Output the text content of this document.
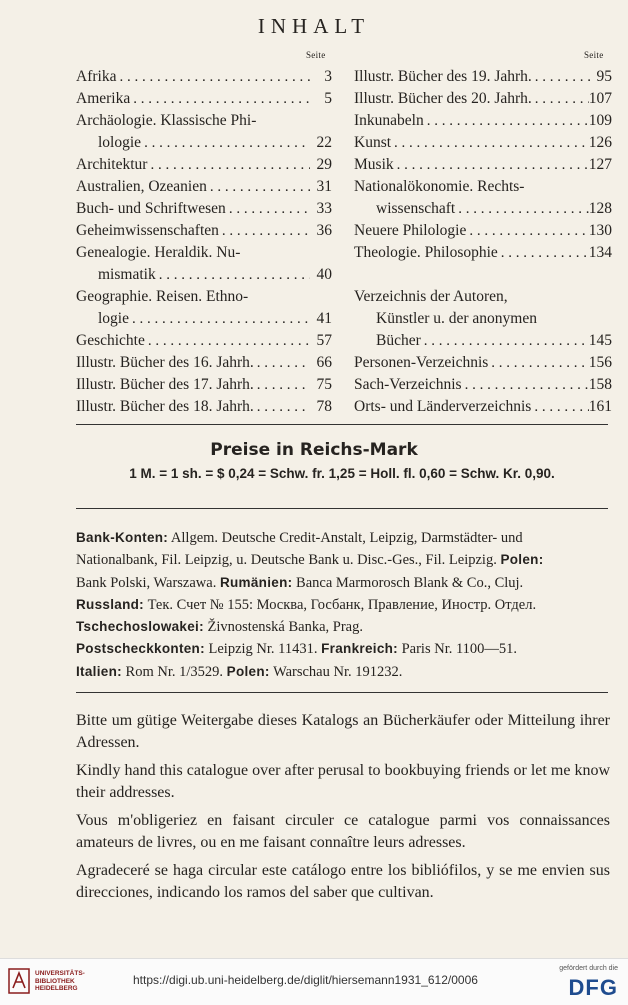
INHALT
Seite	Seite
Afrika . . .	3
Amerika . . .	5
Archäologie. Klassische Phi-
lologie . . .	22
Architektur . . .	29
Australien, Ozeanien . . .	31
Buch- und Schriftwesen . . .	33
Geheimwissenschaften . . .	36
Genealogie. Heraldik. Nu-
mismatik . . .	40
Geographie. Reisen. Ethno-
logie . . .	41
Geschichte . . .	57
Illustr. Bücher des 16. Jahrh. . . .	66
Illustr. Bücher des 17. Jahrh. . . .	75
Illustr. Bücher des 18. Jahrh. . . .	78
Illustr. Bücher des 19. Jahrh. . . .	95
Illustr. Bücher des 20. Jahrh. . . .	107
Inkunabeln . . .	109
Kunst . . .	126
Musik . . .	127
Nationalökonomie. Rechts-
wissenschaft . . .	128
Neuere Philologie . . .	130
Theologie. Philosophie . . .	134
Verzeichnis der Autoren,
Künstler u. der anonymen
Bücher . . .	145
Personen-Verzeichnis . . .	156
Sach-Verzeichnis . . .	158
Orts- und Länderverzeichnis . . .	161
Preise in Reichs-Mark
1 M. = 1 sh. = $ 0,24 = Schw. fr. 1,25 = Holl. fl. 0,60 = Schw. Kr. 0,90.
Bank-Konten: Allgem. Deutsche Credit-Anstalt, Leipzig, Darmstädter- und
Nationalbank, Fil. Leipzig, u. Deutsche Bank u. Disc.-Ges., Fil. Leipzig. Polen:
Bank Polski, Warszawa. Rumänien: Banca Marmorosch Blank & Co., Cluj.
Russland: Тек. Счет № 155: Москва, Госбанк, Правление, Иностр. Отдел.
Tschechoslowakei: Živnostenská Banka, Prag.
Postscheckkonten: Leipzig Nr. 11431. Frankreich: Paris Nr. 1100—51.
Italien: Rom Nr. 1/3529. Polen: Warschau Nr. 191232.

Bitte um gütige Weitergabe dieses Katalogs an Bücherkäufer oder Mitteilung ihrer Adressen.

Kindly hand this catalogue over after perusal to bookbuying friends or let me know their addresses.

Vous m'obligeriez en faisant circuler ce catalogue parmi vos connaissances amateurs de livres, ou en me faisant connaître leurs adresses.

Agradeceré se haga circular este catálogo entre los bibliófilos, y se me envien sus direcciones, indicando los ramos del saber que cultivan.

UNIVERSITÄTS-
BIBLIOTHEK
HEIDELBERG
https://digi.ub.uni-heidelberg.de/diglit/hiersemann1931_612/0006
gefördert durch die
DFG
